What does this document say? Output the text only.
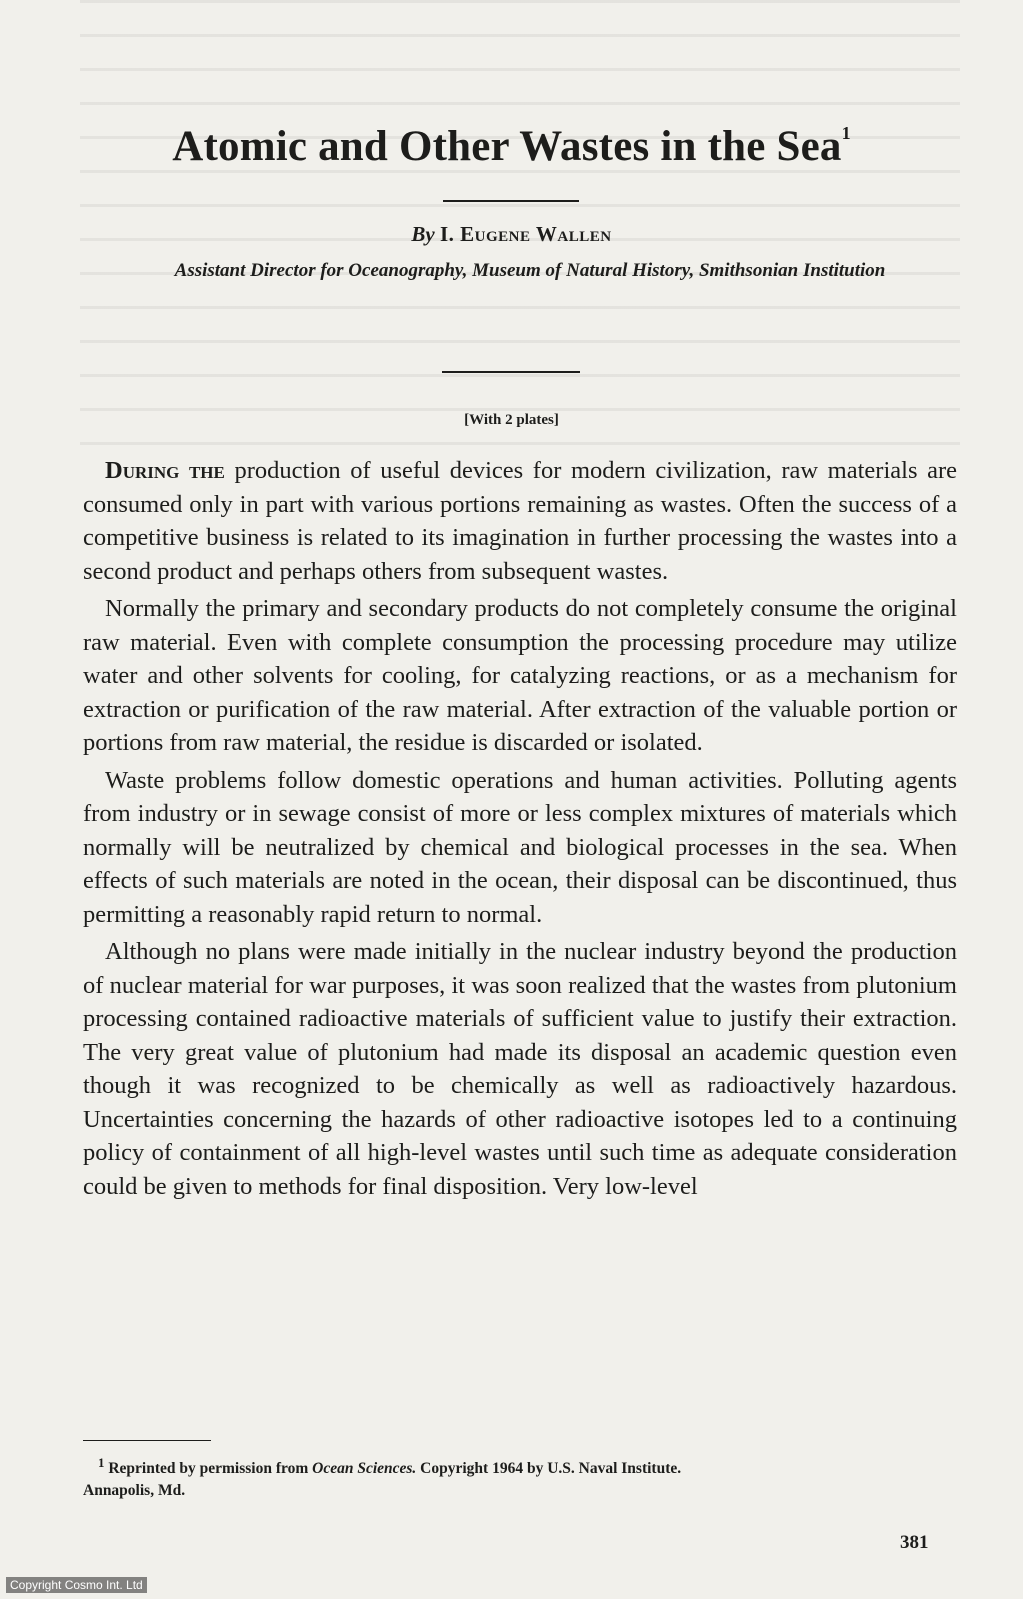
Atomic and Other Wastes in the Sea$^1$
By I. Eugene Wallen
Assistant Director for Oceanography, Museum of Natural History, Smithsonian Institution
[With 2 plates]

During the production of useful devices for modern civilization, raw materials are consumed only in part with various portions remaining as wastes. Often the success of a competitive business is related to its imagination in further processing the wastes into a second product and perhaps others from subsequent wastes.

Normally the primary and secondary products do not completely consume the original raw material. Even with complete consumption the processing procedure may utilize water and other solvents for cooling, for catalyzing reactions, or as a mechanism for extraction or purification of the raw material. After extraction of the valuable portion or portions from raw material, the residue is discarded or isolated.

Waste problems follow domestic operations and human activities. Polluting agents from industry or in sewage consist of more or less complex mixtures of materials which normally will be neutralized by chemical and biological processes in the sea. When effects of such materials are noted in the ocean, their disposal can be discontinued, thus permitting a reasonably rapid return to normal.

Although no plans were made initially in the nuclear industry beyond the production of nuclear material for war purposes, it was soon realized that the wastes from plutonium processing contained radioactive materials of sufficient value to justify their extraction. The very great value of plutonium had made its disposal an academic question even though it was recognized to be chemically as well as radioactively hazardous. Uncertainties concerning the hazards of other radioactive isotopes led to a continuing policy of containment of all high-level wastes until such time as adequate consideration could be given to methods for final disposition. Very low-level

$^1$ Reprinted by permission from Ocean Sciences. Copyright 1964 by U.S. Naval Institute.

Annapolis, Md.

381
Copyright Cosmo Int. Ltd
